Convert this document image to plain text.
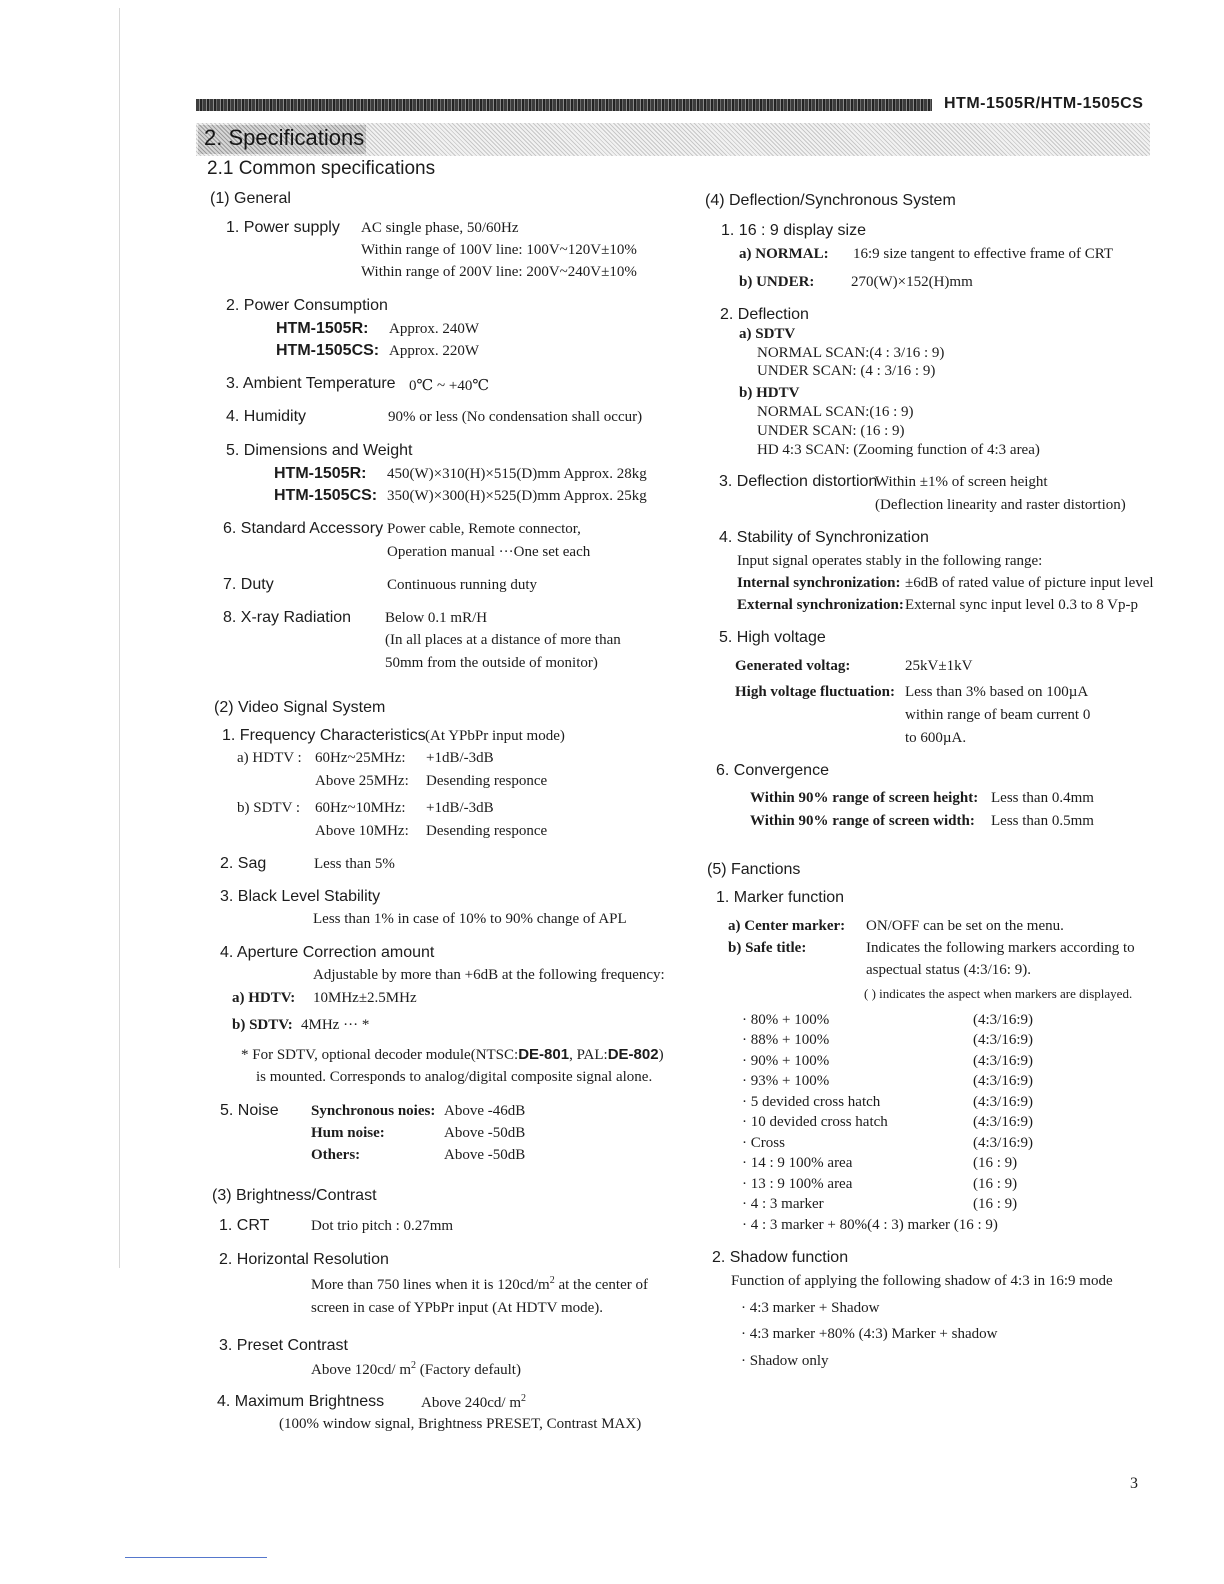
HTM-1505R/HTM-1505CS
2. Specifications
2.1 Common specifications
(1) General
1. Power supply AC single phase, 50/60Hz
Within range of 100V line: 100V~120V±10%
Within range of 200V line: 200V~240V±10%
2. Power Consumption
HTM-1505R: Approx. 240W
HTM-1505CS: Approx. 220W
3. Ambient Temperature 0℃ ~ +40℃
4. Humidity	90% or less (No condensation shall occur)
5. Dimensions and Weight
HTM-1505R: 450(W)×310(H)×515(D)mm Approx. 28kg
HTM-1505CS: 350(W)×300(H)×525(D)mm Approx. 25kg
6. Standard Accessory Power cable, Remote connector,
Operation manual ···One set each
7. Duty	Continuous running duty
8. X-ray Radiation Below 0.1 mR/H
(In all places at a distance of more than
50mm from the outside of monitor)
(2) Video Signal System
1. Frequency Characteristics (At YPbPr input mode)
a) HDTV : 60Hz~25MHz: +1dB/-3dB
Above 25MHz: Desending responce
b) SDTV : 60Hz~10MHz: +1dB/-3dB
Above 10MHz: Desending responce
2. Sag	Less than 5%
3. Black Level Stability
Less than 1% in case of 10% to 90% change of APL
4. Aperture Correction amount
Adjustable by more than +6dB at the following frequency:
a) HDTV: 10MHz±2.5MHz
b) SDTV: 4MHz ··· *
* For SDTV, optional decoder module(NTSC:DE-801, PAL:DE-802)
is mounted. Corresponds to analog/digital composite signal alone.
5. Noise Synchronous noies: Above -46dB
Hum noise:	Above -50dB
Others:	Above -50dB
(3) Brightness/Contrast
1. CRT	Dot trio pitch : 0.27mm
2. Horizontal Resolution
More than 750 lines when it is $120cd/m^2$ at the center of
screen in case of YPbPr input (At HDTV mode).
3. Preset Contrast
Above 120cd/ $m^2$ (Factory default)
4. Maximum Brightness Above 240cd/ $m^2$
(100% window signal, Brightness PRESET, Contrast MAX)
(4) Deflection/Synchronous System
1. 16 : 9 display size
a) NORMAL: 16:9 size tangent to effective frame of CRT
b) UNDER: 270(W)×152(H)mm
2. Deflection
a) SDTV
NORMAL SCAN:(4 : 3/16 : 9)
UNDER SCAN: (4 : 3/16 : 9)
b) HDTV
NORMAL SCAN:(16 : 9)
UNDER SCAN: (16 : 9)
HD 4:3 SCAN: (Zooming function of 4:3 area)
3. Deflection distortion
Within ±1% of screen height
(Deflection linearity and raster distortion)
4. Stability of Synchronization
Input signal operates stably in the following range:
Internal synchronization: ±6dB of rated value of picture input level
External synchronization: External sync input level 0.3 to 8 Vp-p
5. High voltage
Generated voltag:	25kV±1kV
High voltage fluctuation: Less than 3% based on 100µA
within range of beam current 0
to 600µA.
6. Convergence
Within 90% range of screen height: Less than 0.4mm
Within 90% range of screen width: Less than 0.5mm
(5) Fanctions
1. Marker function
a) Center marker: ON/OFF can be set on the menu.
b) Safe title:	Indicates the following markers according to
aspectual status (4:3/16: 9).
( ) indicates the aspect when markers are displayed.
· 80% + 100%	(4:3/16:9)
· 88% + 100%	(4:3/16:9)
· 90% + 100%	(4:3/16:9)
· 93% + 100%	(4:3/16:9)
· 5 devided cross hatch	(4:3/16:9)
· 10 devided cross hatch	(4:3/16:9)
· Cross	(4:3/16:9)
· 14 : 9 100% area	(16 : 9)
· 13 : 9 100% area	(16 : 9)
· 4 : 3 marker	(16 : 9)
· 4 : 3 marker + 80%(4 : 3) marker (16 : 9)
2. Shadow function
Function of applying the following shadow of 4:3 in 16:9 mode
· 4:3 marker + Shadow
· 4:3 marker +80% (4:3) Marker + shadow
· Shadow only
3
